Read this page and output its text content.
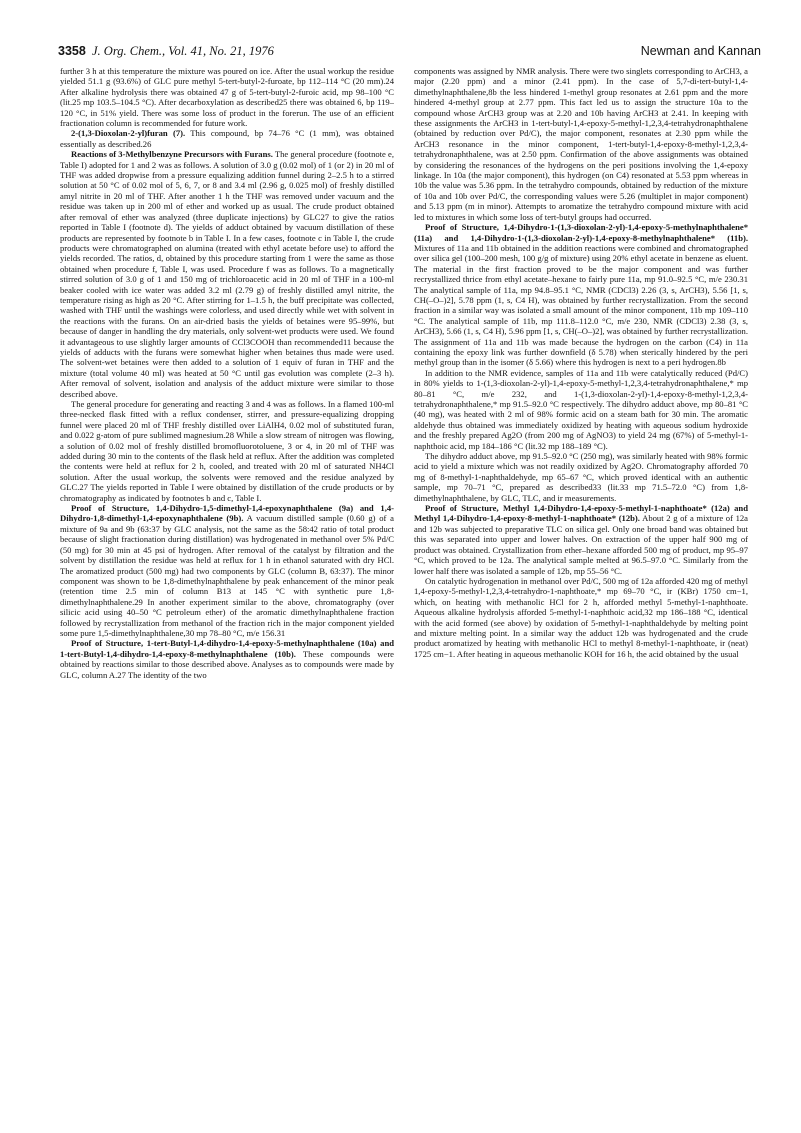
3358 J. Org. Chem., Vol. 41, No. 21, 1976	Newman and Kannan

further 3 h at this temperature the mixture was poured on ice. After the usual workup the residue yielded 51.1 g (93.6%) of GLC pure methyl 5-tert-butyl-2-furoate, bp 112–114 °C (20 mm).24 After alkaline hydrolysis there was obtained 47 g of 5-tert-butyl-2-furoic acid, mp 98–100 °C (lit.25 mp 103.5–104.5 °C). After decarboxylation as described25 there was obtained 6, bp 119–120 °C, in 51% yield. There was some loss of product in the forerun. The use of an efficient fractionation column is recommended for future work.

2-(1,3-Dioxolan-2-yl)furan (7). This compound, bp 74–76 °C (1 mm), was obtained essentially as described.26

Reactions of 3-Methylbenzyne Precursors with Furans. The general procedure (footnote e, Table I) adopted for 1 and 2 was as follows. A solution of 3.0 g (0.02 mol) of 1 (or 2) in 20 ml of THF was added dropwise from a pressure equalizing addition funnel during 2–2.5 h to a stirred solution at 50 °C of 0.02 mol of 5, 6, 7, or 8 and 3.4 ml (2.96 g, 0.025 mol) of freshly distilled amyl nitrite in 20 ml of THF. After another 1 h the THF was removed under vacuum and the residue was taken up in 200 ml of ether and worked up as usual. The crude product obtained after removal of ether was analyzed (three duplicate injections) by GLC27 to give the ratios reported in Table I (footnote d). The yields of adduct obtained by vacuum distillation of these products are represented by footnote b in Table I. In a few cases, footnote c in Table I, the crude products were chromatographed on alumina (treated with ethyl acetate before use) to afford the yields recorded. The ratios, d, obtained by this procedure starting from 1 were the same as those obtained when procedure f, Table I, was used. Procedure f was as follows. To a magnetically stirred solution of 3.0 g of 1 and 150 mg of trichloroacetic acid in 20 ml of THF in a 100-ml beaker cooled with ice water was added 3.2 ml (2.79 g) of freshly distilled amyl nitrite, the temperature rising as high as 20 °C. After stirring for 1–1.5 h, the buff precipitate was collected, washed with THF until the washings were colorless, and used directly while wet with solvent in the reactions with the furans. On an air-dried basis the yields of betaines were 95–99%, but because of danger in handling the dry materials, only solvent-wet products were used. We found it advantageous to use slightly larger amounts of CCl3COOH than recommended11 because the yields of adducts with the furans were somewhat higher when betaines thus made were used. The solvent-wet betaines were then added to a solution of 1 equiv of furan in THF and the mixture (total volume 40 ml) was heated at 50 °C until gas evolution was complete (2–3 h). After removal of solvent, isolation and analysis of the adduct mixture were similar to those described above.

The general procedure for generating and reacting 3 and 4 was as follows. In a flamed 100-ml three-necked flask fitted with a reflux condenser, stirrer, and pressure-equalizing dropping funnel were placed 20 ml of THF freshly distilled over LiAlH4, 0.02 mol of substituted furan, and 0.022 g-atom of pure sublimed magnesium.28 While a slow stream of nitrogen was flowing, a solution of 0.02 mol of freshly distilled bromofluorotoluene, 3 or 4, in 20 ml of THF was added during 30 min to the contents of the flask held at reflux. After the addition was completed the contents were held at reflux for 2 h, cooled, and treated with 20 ml of saturated NH4Cl solution. After the usual workup, the solvents were removed and the residue analyzed by GLC.27 The yields reported in Table I were obtained by distillation of the crude products or by chromatography as indicated by footnotes b and c, Table I.

Proof of Structure, 1,4-Dihydro-1,5-dimethyl-1,4-epoxynaphthalene (9a) and 1,4-Dihydro-1,8-dimethyl-1,4-epoxynaphthalene (9b). A vacuum distilled sample (0.60 g) of a mixture of 9a and 9b (63:37 by GLC analysis, not the same as the 58:42 ratio of total product because of slight fractionation during distillation) was hydrogenated in methanol over 5% Pd/C (50 mg) for 30 min at 45 psi of hydrogen. After removal of the catalyst by filtration and the solvent by distillation the residue was held at reflux for 1 h in ethanol saturated with dry HCl. The aromatized product (500 mg) had two components by GLC (column B, 63:37). The minor component was shown to be 1,8-dimethylnaphthalene by peak enhancement of the minor peak (retention time 2.5 min of column B13 at 145 °C with synthetic pure 1,8-dimethylnaphthalene.29 In another experiment similar to the above, chromatography (over silicic acid using 40–50 °C petroleum ether) of the aromatic dimethylnaphthalene fraction followed by recrystallization from methanol of the fraction rich in the major component yielded some pure 1,5-dimethylnaphthalene,30 mp 78–80 °C, m/e 156.31

Proof of Structure, 1-tert-Butyl-1,4-dihydro-1,4-epoxy-5-methylnaphthalene (10a) and 1-tert-Butyl-1,4-dihydro-1,4-epoxy-8-methylnaphthalene (10b). These compounds were obtained by reactions similar to those described above. Analyses as to compounds were made by GLC, column A.27 The identity of the two

components was assigned by NMR analysis. There were two singlets corresponding to ArCH3, a major (2.20 ppm) and a minor (2.41 ppm). In the case of 5,7-di-tert-butyl-1,4-dimethylnaphthalene,8b the less hindered 1-methyl group resonates at 2.61 ppm and the more hindered 4-methyl group at 2.77 ppm. This fact led us to assign the structure 10a to the compound whose ArCH3 group was at 2.20 and 10b having ArCH3 at 2.41. In keeping with these assignments the ArCH3 in 1-tert-butyl-1,4-epoxy-5-methyl-1,2,3,4-tetrahydronaphthalene (obtained by reduction over Pd/C), the major component, resonates at 2.30 ppm while the ArCH3 resonance in the minor component, 1-tert-butyl-1,4-epoxy-8-methyl-1,2,3,4-tetrahydronaphthalene, was at 2.50 ppm. Confirmation of the above assignments was obtained by considering the resonances of the hydrogens on the peri positions involving the 1,4-epoxy linkage. In 10a (the major component), this hydrogen (on C4) resonated at 5.53 ppm whereas in 10b the value was 5.36 ppm. In the tetrahydro compounds, obtained by reduction of the mixture of 10a and 10b over Pd/C, the corresponding values were 5.26 (multiplet in major component) and 5.13 ppm (m in minor). Attempts to aromatize the tetrahydro compound mixture with acid led to mixtures in which some loss of tert-butyl groups had occurred.

Proof of Structure, 1,4-Dihydro-1-(1,3-dioxolan-2-yl)-1,4-epoxy-5-methylnaphthalene* (11a) and 1,4-Dihydro-1-(1,3-dioxolan-2-yl)-1,4-epoxy-8-methylnaphthalene* (11b). Mixtures of 11a and 11b obtained in the addition reactions were combined and chromatographed over silica gel (100–200 mesh, 100 g/g of mixture) using 20% ethyl acetate in benzene as eluent. The material in the first fraction proved to be the major component and was further recrystallized thrice from ethyl acetate–hexane to fairly pure 11a, mp 91.0–92.5 °C, m/e 230.31 The analytical sample of 11a, mp 94.8–95.1 °C, NMR (CDCl3) 2.26 (3, s, ArCH3), 5.56 [1, s, CH(–O–)2], 5.78 ppm (1, s, C4 H), was obtained by further recrystallization. From the second fraction in a similar way was isolated a small amount of the minor component, 11b mp 109–110 °C. The analytical sample of 11b, mp 111.8–112.0 °C, m/e 230, NMR (CDCl3) 2.38 (3, s, ArCH3), 5.66 (1, s, C4 H), 5.96 ppm [1, s, CH(–O–)2], was obtained by further recrystallization. The assignment of 11a and 11b was made because the hydrogen on the carbon (C4) in 11a containing the epoxy link was further downfield (δ 5.78) when sterically hindered by the peri methyl group than in the isomer (δ 5.66) where this hydrogen is next to a peri hydrogen.8b

In addition to the NMR evidence, samples of 11a and 11b were catalytically reduced (Pd/C) in 80% yields to 1-(1,3-dioxolan-2-yl)-1,4-epoxy-5-methyl-1,2,3,4-tetrahydronaphthalene,* mp 80–81 °C, m/e 232, and 1-(1,3-dioxolan-2-yl)-1,4-epoxy-8-methyl-1,2,3,4-tetrahydronaphthalene,* mp 91.5–92.0 °C respectively. The dihydro adduct above, mp 80–81 °C (40 mg), was heated with 2 ml of 98% formic acid on a steam bath for 30 min. The aromatic aldehyde thus obtained was immediately oxidized by heating with aqueous sodium hydroxide and the freshly prepared Ag2O (from 200 mg of AgNO3) to yield 24 mg (67%) of 5-methyl-1-naphthoic acid, mp 184–186 °C (lit.32 mp 188–189 °C).

The dihydro adduct above, mp 91.5–92.0 °C (250 mg), was similarly heated with 98% formic acid to yield a mixture which was not readily oxidized by Ag2O. Chromatography afforded 70 mg of 8-methyl-1-naphthaldehyde, mp 65–67 °C, which proved identical with an authentic sample, mp 70–71 °C, prepared as described33 (lit.33 mp 71.5–72.0 °C) from 1,8-dimethylnaphthalene, by GLC, TLC, and ir measurements.

Proof of Structure, Methyl 1,4-Dihydro-1,4-epoxy-5-methyl-1-naphthoate* (12a) and Methyl 1,4-Dihydro-1,4-epoxy-8-methyl-1-naphthoate* (12b). About 2 g of a mixture of 12a and 12b was subjected to preparative TLC on silica gel. Only one broad band was obtained but this was separated into upper and lower halves. On extraction of the upper half 900 mg of product was obtained. Crystallization from ether–hexane afforded 500 mg of product, mp 95–97 °C, which proved to be 12a. The analytical sample melted at 96.5–97.0 °C. Similarly from the lower half there was isolated a sample of 12b, mp 55–56 °C.

On catalytic hydrogenation in methanol over Pd/C, 500 mg of 12a afforded 420 mg of methyl 1,4-epoxy-5-methyl-1,2,3,4-tetrahydro-1-naphthoate,* mp 69–70 °C, ir (KBr) 1750 cm−1, which, on heating with methanolic HCl for 2 h, afforded methyl 5-methyl-1-naphthoate. Aqueous alkaline hydrolysis afforded 5-methyl-1-naphthoic acid,32 mp 186–188 °C, identical with the acid formed (see above) by oxidation of 5-methyl-1-naphthaldehyde by melting point and mixture melting point. In a similar way the adduct 12b was hydrogenated and the crude product aromatized by heating with methanolic HCl to methyl 8-methyl-1-naphthoate, ir (neat) 1725 cm−1. After heating in aqueous methanolic KOH for 16 h, the acid obtained by the usual
